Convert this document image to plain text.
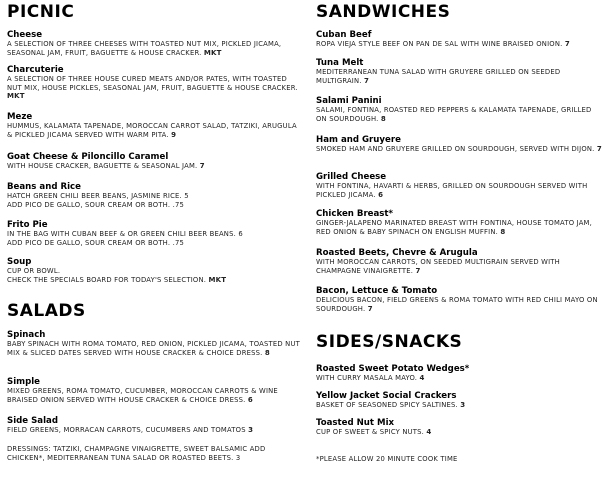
PICNIC
Cheese
A SELECTION OF THREE CHEESES WITH TOASTED NUT MIX, PICKLED JICAMA, SEASONAL JAM, FRUIT, BAGUETTE & HOUSE CRACKER. MKT
Charcuterie
A SELECTION OF THREE HOUSE CURED MEATS AND/OR PATES, WITH TOASTED NUT MIX, HOUSE PICKLES, SEASONAL JAM, FRUIT, BAGUETTE & HOUSE CRACKER. MKT
Meze
HUMMUS, KALAMATA TAPENADE, MOROCCAN CARROT SALAD, TATZIKI, ARUGULA & PICKLED JICAMA SERVED WITH WARM PITA. 9
Goat Cheese & Piloncillo Caramel
WITH HOUSE CRACKER, BAGUETTE & SEASONAL JAM. 7
Beans and Rice
HATCH GREEN CHILI BEER BEANS, JASMINE RICE. 5
ADD PICO DE GALLO, SOUR CREAM OR BOTH. .75
Frito Pie
IN THE BAG WITH CUBAN BEEF & OR GREEN CHILI BEER BEANS. 6
ADD PICO DE GALLO, SOUR CREAM OR BOTH. .75
Soup
CUP OR BOWL.
CHECK THE SPECIALS BOARD FOR TODAY'S SELECTION. MKT
SALADS
Spinach
BABY SPINACH WITH ROMA TOMATO, RED ONION, PICKLED JICAMA, TOASTED NUT MIX & SLICED DATES SERVED WITH HOUSE CRACKER & CHOICE DRESS. 8
Simple
MIXED GREENS, ROMA TOMATO, CUCUMBER, MOROCCAN CARROTS & WINE BRAISED ONION SERVED WITH HOUSE CRACKER & CHOICE DRESS. 6
Side Salad
FIELD GREENS, MORRACAN CARROTS, CUCUMBERS AND TOMATOS 3
DRESSINGS: TATZIKI, CHAMPAGNE VINAIGRETTE, SWEET BALSAMIC ADD CHICKEN*, MEDITERRANEAN TUNA SALAD OR ROASTED BEETS. 3
SANDWICHES
Cuban Beef
ROPA VIEJA STYLE BEEF ON PAN DE SAL WITH WINE BRAISED ONION. 7
Tuna Melt
MEDITERRANEAN TUNA SALAD WITH GRUYERE GRILLED ON SEEDED MULTIGRAIN. 7
Salami Panini
SALAMI, FONTINA, ROASTED RED PEPPERS & KALAMATA TAPENADE, GRILLED ON SOURDOUGH. 8
Ham and Gruyere
SMOKED HAM AND GRUYERE GRILLED ON SOURDOUGH, SERVED WITH DIJON. 7
Grilled Cheese
WITH FONTINA, HAVARTI & HERBS, GRILLED ON SOURDOUGH SERVED WITH PICKLED JICAMA. 6
Chicken Breast*
GINGER-JALAPENO MARINATED BREAST WITH FONTINA, HOUSE TOMATO JAM, RED ONION & BABY SPINACH ON ENGLISH MUFFIN. 8
Roasted Beets, Chevre & Arugula
WITH MOROCCAN CARROTS, ON SEEDED MULTIGRAIN SERVED WITH CHAMPAGNE VINAIGRETTE. 7
Bacon, Lettuce & Tomato
DELICIOUS BACON, FIELD GREENS & ROMA TOMATO WITH RED CHILI MAYO ON SOURDOUGH. 7
SIDES/SNACKS
Roasted Sweet Potato Wedges*
WITH CURRY MASALA MAYO. 4
Yellow Jacket Social Crackers
BASKET OF SEASONED SPICY SALTINES. 3
Toasted Nut Mix
CUP OF SWEET & SPICY NUTS. 4
*PLEASE ALLOW 20 MINUTE COOK TIME
